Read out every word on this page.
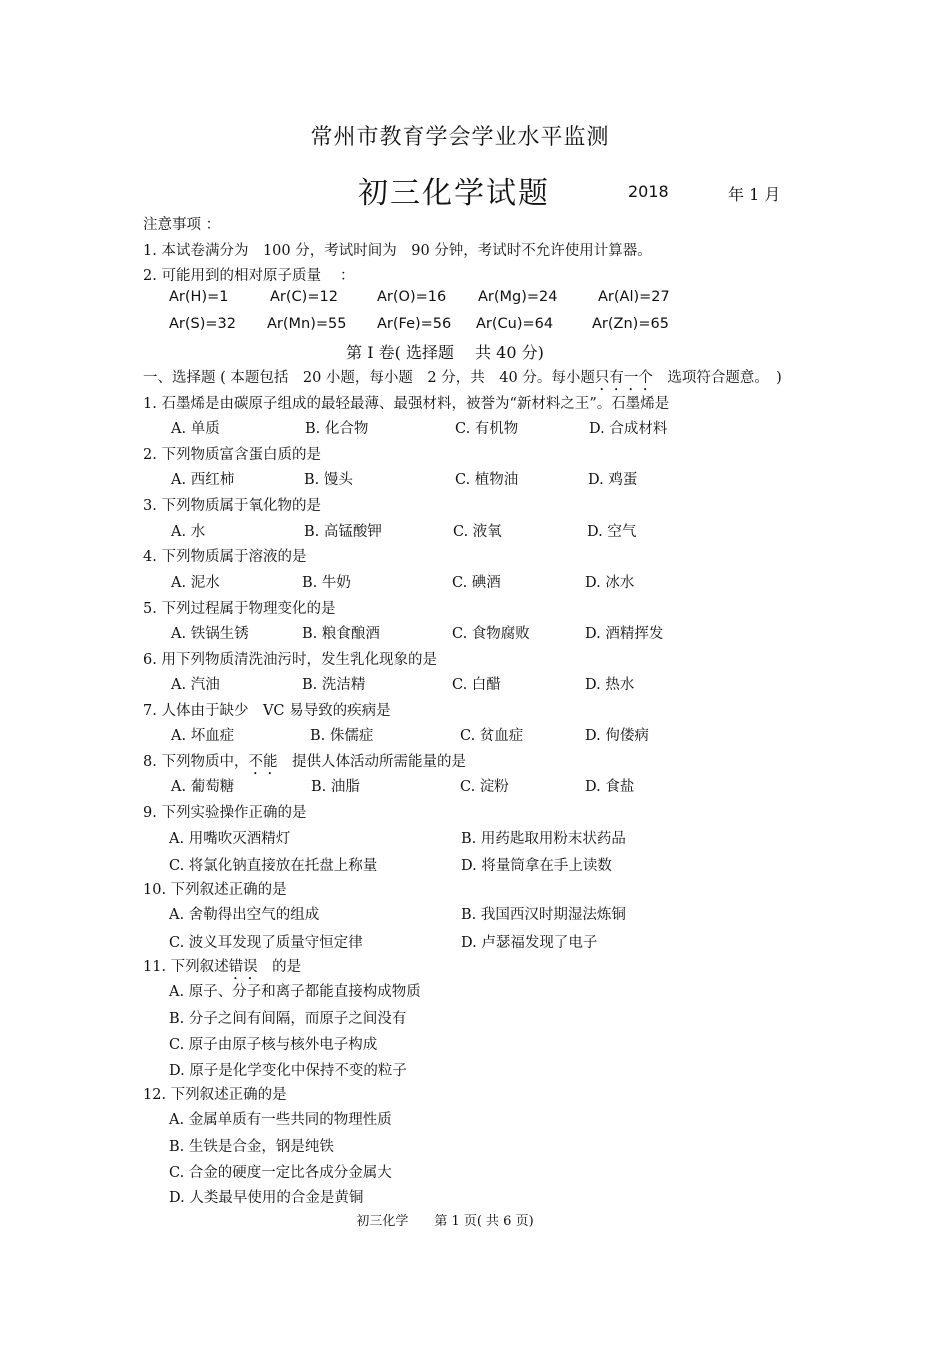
常州市教育学会学业水平监测
初三化学试题	2018	年 1 月
注意事项 ：
1. 本试卷满分为　100 分，考试时间为　90 分钟，考试时不允许使用计算器。
2. 可能用到的相对原子质量　 ：
Ar(H)=1	Ar(C)=12	Ar(O)=16 Ar(Mg)=24	Ar(Al)=27
Ar(S)=32 Ar(Mn)=55 Ar(Fe)=56 Ar(Cu)=64	Ar(Zn)=65
第 Ⅰ 卷( 选择题　 共 40 分)
一、选择题 ( 本题包括　20 小题，每小题　2 分，共　40 分。每小题只有一个　选项符合题意。　)
1. 石墨烯是由碳原子组成的最轻最薄、最强材料，被誉为“新材料之王”。石墨烯是
A. 单质	B. 化合物	C. 有机物	D. 合成材料
2. 下列物质富含蛋白质的是
A. 西红柿	B. 馒头	C. 植物油	D. 鸡蛋
3. 下列物质属于氧化物的是
A. 水	B. 高锰酸钾	C. 液氧	D. 空气
4. 下列物质属于溶液的是
A. 泥水	B. 牛奶	C. 碘酒	D. 冰水
5. 下列过程属于物理变化的是
A. 铁锅生锈	B. 粮食酿酒	C. 食物腐败	D. 酒精挥发
6. 用下列物质清洗油污时，发生乳化现象的是
A. 汽油	B. 洗洁精	C. 白醋	D. 热水
7. 人体由于缺少　VC 易导致的疾病是
A. 坏血症	B. 侏儒症	C. 贫血症	D. 佝偻病
8. 下列物质中，不能　提供人体活动所需能量的是
A. 葡萄糖	B. 油脂	C. 淀粉	D. 食盐
9. 下列实验操作正确的是
A. 用嘴吹灭酒精灯	B. 用药匙取用粉末状药品
C. 将氯化钠直接放在托盘上称量	D. 将量筒拿在手上读数
10. 下列叙述正确的是
A. 舍勒得出空气的组成	B. 我国西汉时期湿法炼铜
C. 波义耳发现了质量守恒定律	D. 卢瑟福发现了电子
11. 下列叙述错误　的是
A. 原子、分子和离子都能直接构成物质
B. 分子之间有间隔，而原子之间没有
C. 原子由原子核与核外电子构成
D. 原子是化学变化中保持不变的粒子
12. 下列叙述正确的是
A. 金属单质有一些共同的物理性质
B. 生铁是合金，钢是纯铁
C. 合金的硬度一定比各成分金属大
D. 人类最早使用的合金是黄铜
初三化学　　第 1 页( 共 6 页)
